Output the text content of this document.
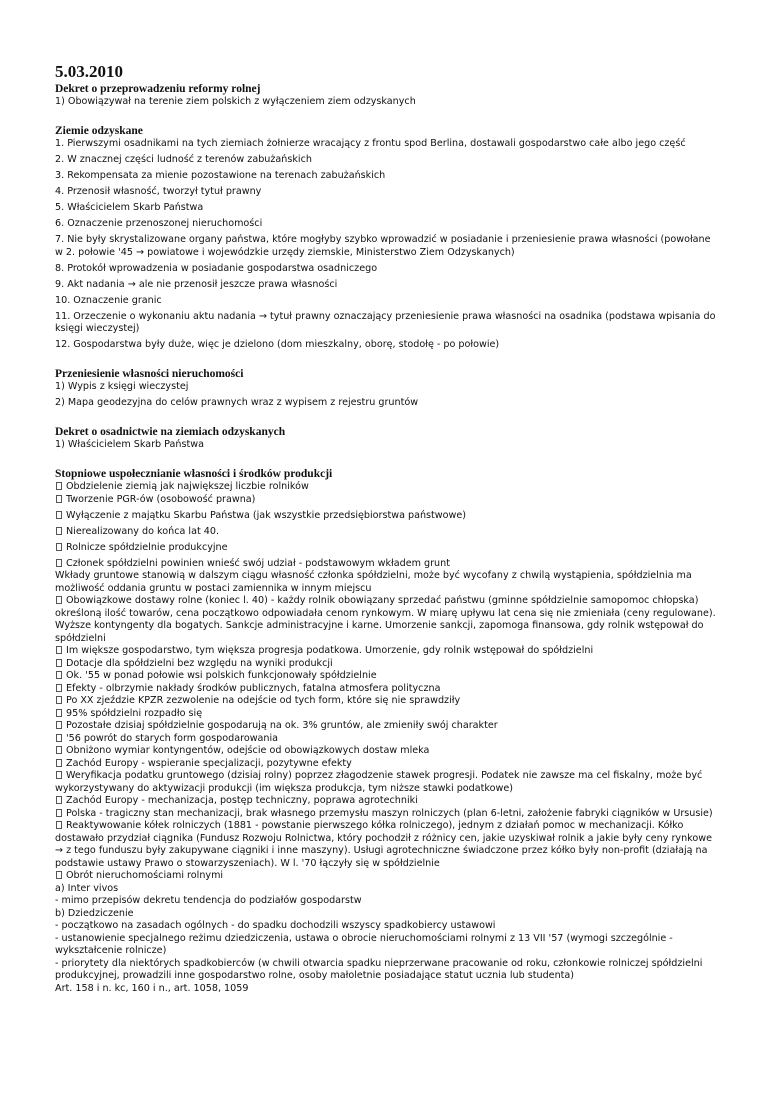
5.03.2010
Dekret o przeprowadzeniu reformy rolnej
1) Obowiązywał na terenie ziem polskich z wyłączeniem ziem odzyskanych
Ziemie odzyskane
1. Pierwszymi osadnikami na tych ziemiach żołnierze wracający z frontu spod Berlina, dostawali gospodarstwo całe albo jego część
2. W znacznej części ludność z terenów zabużańskich
3. Rekompensata za mienie pozostawione na terenach zabużańskich
4. Przenosił własność, tworzył tytuł prawny
5. Właścicielem Skarb Państwa
6. Oznaczenie przenoszonej nieruchomości
7. Nie były skrystalizowane organy państwa, które mogłyby szybko wprowadzić w posiadanie i przeniesienie prawa własności (powołane w 2. połowie '45 → powiatowe i wojewódzkie urzędy ziemskie, Ministerstwo Ziem Odzyskanych)
8. Protokół wprowadzenia w posiadanie gospodarstwa osadniczego
9. Akt nadania → ale nie przenosił jeszcze prawa własności
10. Oznaczenie granic
11. Orzeczenie o wykonaniu aktu nadania → tytuł prawny oznaczający przeniesienie prawa własności na osadnika (podstawa wpisania do księgi wieczystej)
12. Gospodarstwa były duże, więc je dzielono (dom mieszkalny, oborę, stodołę - po połowie)
Przeniesienie własności nieruchomości
1) Wypis z księgi wieczystej
2) Mapa geodezyjna do celów prawnych wraz z wypisem z rejestru gruntów
Dekret o osadnictwie na ziemiach odzyskanych
1) Właścicielem Skarb Państwa
Stopniowe uspołecznianie własności i środków produkcji
Obdzielenie ziemią jak największej liczbie rolników
Tworzenie PGR-ów (osobowość prawna)
Wyłączenie z majątku Skarbu Państwa (jak wszystkie przedsiębiorstwa państwowe)
Nierealizowany do końca lat 40.
Rolnicze spółdzielnie produkcyjne
Członek spółdzielni powinien wnieść swój udział - podstawowym wkładem grunt
Wkłady gruntowe stanowią w dalszym ciągu własność członka spółdzielni, może być wycofany z chwilą wystąpienia, spółdzielnia ma możliwość oddania gruntu w postaci zamiennika w innym miejscu
Obowiązkowe dostawy rolne (koniec l. 40) - każdy rolnik obowiązany sprzedać państwu (gminne spółdzielnie samopomoc chłopska) określoną ilość towarów, cena początkowo odpowiadała cenom rynkowym. W miarę upływu lat cena się nie zmieniała (ceny regulowane). Wyższe kontyngenty dla bogatych. Sankcje administracyjne i karne. Umorzenie sankcji, zapomoga finansowa, gdy rolnik wstępował do spółdzielni
Im większe gospodarstwo, tym większa progresja podatkowa. Umorzenie, gdy rolnik wstępował do spółdzielni
Dotacje dla spółdzielni bez względu na wyniki produkcji
Ok. '55 w ponad połowie wsi polskich funkcjonowały spółdzielnie
Efekty - olbrzymie nakłady środków publicznych, fatalna atmosfera polityczna
Po XX zjeździe KPZR zezwolenie na odejście od tych form, które się nie sprawdziły
95% spółdzielni rozpadło się
Pozostałe dzisiaj spółdzielnie gospodarują na ok. 3% gruntów, ale zmieniły swój charakter
'56 powrót do starych form gospodarowania
Obniżono wymiar kontyngentów, odejście od obowiązkowych dostaw mleka
Zachód Europy - wspieranie specjalizacji, pozytywne efekty
Weryfikacja podatku gruntowego (dzisiaj rolny) poprzez złagodzenie stawek progresji. Podatek nie zawsze ma cel fiskalny, może być wykorzystywany do aktywizacji produkcji (im większa produkcja, tym niższe stawki podatkowe)
Zachód Europy - mechanizacja, postęp techniczny, poprawa agrotechniki
Polska - tragiczny stan mechanizacji, brak własnego przemysłu maszyn rolniczych (plan 6-letni, założenie fabryki ciągników w Ursusie)
Reaktywowanie kółek rolniczych (1881 - powstanie pierwszego kółka rolniczego), jednym z działań pomoc w mechanizacji. Kółko dostawało przydział ciągnika (Fundusz Rozwoju Rolnictwa, który pochodził z różnicy cen, jakie uzyskiwał rolnik a jakie były ceny rynkowe → z tego funduszu były zakupywane ciągniki i inne maszyny). Usługi agrotechniczne świadczone przez kółko były non-profit (działają na podstawie ustawy Prawo o stowarzyszeniach). W l. '70 łączyły się w spółdzielnie
Obrót nieruchomościami rolnymi
a) Inter vivos
- mimo przepisów dekretu tendencja do podziałów gospodarstw
b) Dziedziczenie
- początkowo na zasadach ogólnych - do spadku dochodzili wszyscy spadkobiercy ustawowi
- ustanowienie specjalnego reżimu dziedziczenia, ustawa o obrocie nieruchomościami rolnymi z 13 VII '57 (wymogi szczególnie - wykształcenie rolnicze)
- priorytety dla niektórych spadkobierców (w chwili otwarcia spadku nieprzerwane pracowanie od roku, członkowie rolniczej spółdzielni produkcyjnej, prowadzili inne gospodarstwo rolne, osoby małoletnie posiadające statut ucznia lub studenta)
Art. 158 i n. kc, 160 i n., art. 1058, 1059
